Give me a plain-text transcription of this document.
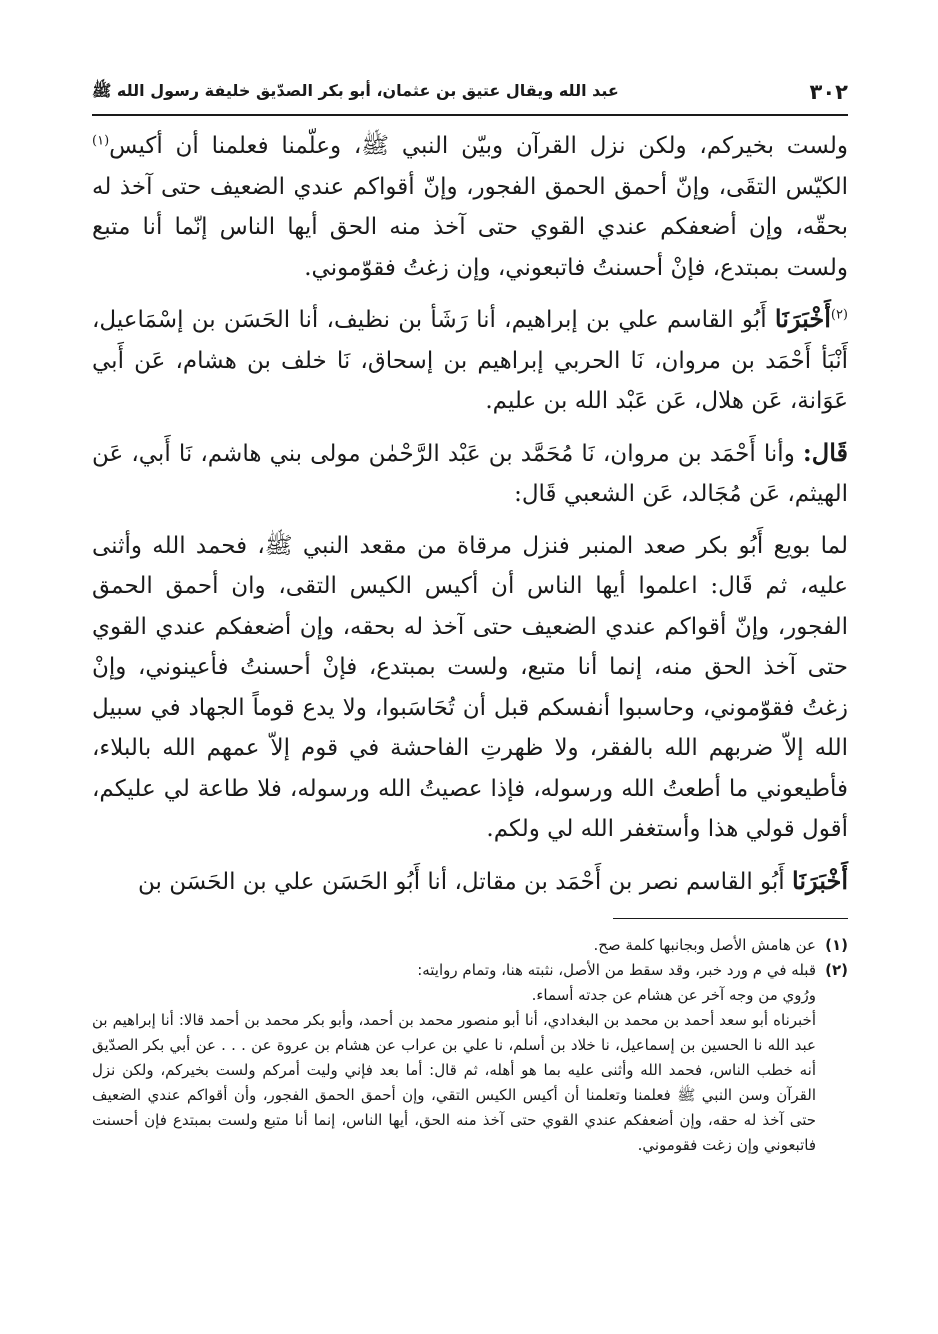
٣٠٢
عبد الله ويقال عتيق بن عثمان، أبو بكر الصدّيق خليفة رسول الله ﷺ

ولست بخيركم، ولكن نزل القرآن وبيّن النبي ﷺ، وعلّمنا فعلمنا أن أكيس$^{(١)}$ الكيّس التقَى، وإنّ أحمق الحمق الفجور، وإنّ أقواكم عندي الضعيف حتى آخذ له بحقّه، وإن أضعفكم عندي القوي حتى آخذ منه الحق أيها الناس إنّما أنا متبع ولست بمبتدع، فإنْ أحسنتُ فاتبعوني، وإن زغتُ فقوّموني.

$^{(٢)}$أَخْبَرَنَا أَبُو القاسم علي بن إبراهيم، أنا رَشَأ بن نظيف، أنا الحَسَن بن إسْمَاعيل، أَنْبَأ أَحْمَد بن مروان، نَا الحربي إبراهيم بن إسحاق، نَا خلف بن هشام، عَن أَبي عَوَانة، عَن هلال، عَن عَبْد الله بن عليم.

قَال: وأنا أَحْمَد بن مروان، نَا مُحَمَّد بن عَبْد الرَّحْمٰن مولى بني هاشم، نَا أَبي، عَن الهيثم، عَن مُجَالد، عَن الشعبي قَال:

لما بويع أَبُو بكر صعد المنبر فنزل مرقاة من مقعد النبي ﷺ، فحمد الله وأثنى عليه، ثم قَال: اعلموا أيها الناس أن أكيس الكيس التقى، وان أحمق الحمق الفجور، وإنّ أقواكم عندي الضعيف حتى آخذ له بحقه، وإن أضعفكم عندي القوي حتى آخذ الحق منه، إنما أنا متبع، ولست بمبتدع، فإنْ أحسنتُ فأعينوني، وإنْ زغتُ فقوّموني، وحاسبوا أنفسكم قبل أن تُحَاسَبوا، ولا يدع قوماً الجهاد في سبيل الله إلاّ ضربهم الله بالفقر، ولا ظهرتِ الفاحشة في قوم إلاّ عمهم الله بالبلاء، فأطيعوني ما أطعتُ الله ورسوله، فإذا عصيتُ الله ورسوله، فلا طاعة لي عليكم، أقول قولي هذا وأستغفر الله لي ولكم.

أَخْبَرَنَا أَبُو القاسم نصر بن أَحْمَد بن مقاتل، أنا أَبُو الحَسَن علي بن الحَسَن بن

(١)

عن هامش الأصل وبجانبها كلمة صح.

(٢)

قبله في م ورد خبر، وقد سقط من الأصل، نثبته هنا، وتمام روايته:

ورُوي من وجه آخر عن هشام عن جدته أسماء.

أخبرناه أبو سعد أحمد بن محمد بن البغدادي، أنا أبو منصور محمد بن أحمد، وأبو بكر محمد بن أحمد قالا: أنا إبراهيم بن عبد الله نا الحسين بن إسماعيل، نا خلاد بن أسلم، نا علي بن عراب عن هشام بن عروة عن . . . عن أبي بكر الصدّيق أنه خطب الناس، فحمد الله وأثنى عليه بما هو أهله، ثم قال: أما بعد فإني وليت أمركم ولست بخيركم، ولكن نزل القرآن وسن النبي ﷺ فعلمنا وتعلمنا أن أكيس الكيس التقي، وإن أحمق الحمق الفجور، وأن أقواكم عندي الضعيف حتى آخذ له حقه، وإن أضعفكم عندي القوي حتى آخذ منه الحق، أيها الناس، إنما أنا متبع ولست بمبتدع فإن أحسنت فاتبعوني وإن زغت فقوموني.
